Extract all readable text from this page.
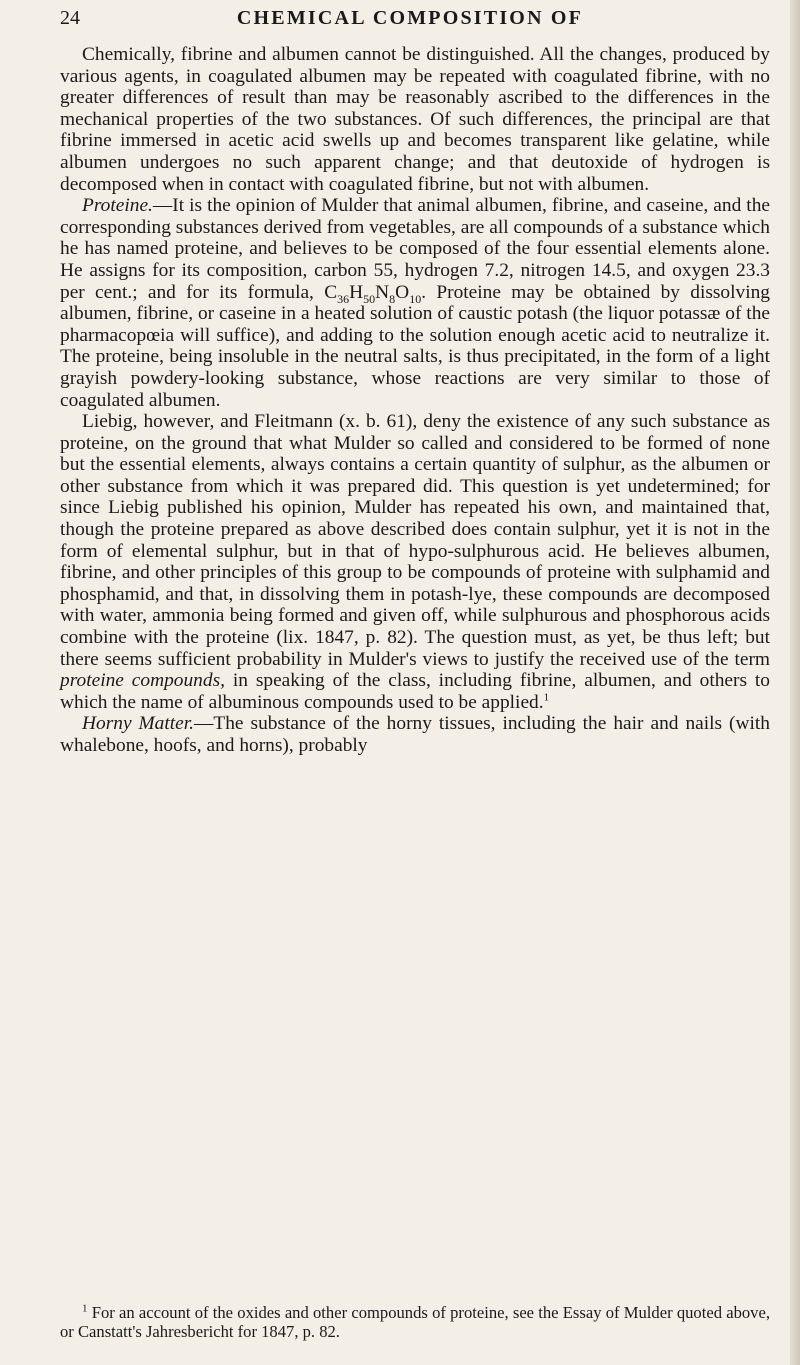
24	CHEMICAL COMPOSITION OF

Chemically, fibrine and albumen cannot be distinguished. All the changes, produced by various agents, in coagulated albumen may be repeated with coagulated fibrine, with no greater differences of result than may be reasonably ascribed to the differences in the mechanical properties of the two substances. Of such differences, the principal are that fibrine immersed in acetic acid swells up and becomes transparent like gelatine, while albumen undergoes no such apparent change; and that deutoxide of hydrogen is decomposed when in contact with coagulated fibrine, but not with albumen.

Proteine.—It is the opinion of Mulder that animal albumen, fibrine, and caseine, and the corresponding substances derived from vegetables, are all compounds of a substance which he has named proteine, and believes to be composed of the four essential elements alone. He assigns for its composition, carbon 55, hydrogen 7.2, nitrogen 14.5, and oxygen 23.3 per cent.; and for its formula, $C_{36}H_{50}N_8O_{10}$. Proteine may be obtained by dissolving albumen, fibrine, or caseine in a heated solution of caustic potash (the liquor potassæ of the pharmacopœia will suffice), and adding to the solution enough acetic acid to neutralize it. The proteine, being insoluble in the neutral salts, is thus precipitated, in the form of a light grayish powdery-looking substance, whose reactions are very similar to those of coagulated albumen.

Liebig, however, and Fleitmann (x. b. 61), deny the existence of any such substance as proteine, on the ground that what Mulder so called and considered to be formed of none but the essential elements, always contains a certain quantity of sulphur, as the albumen or other substance from which it was prepared did. This question is yet undetermined; for since Liebig published his opinion, Mulder has repeated his own, and maintained that, though the proteine prepared as above described does contain sulphur, yet it is not in the form of elemental sulphur, but in that of hypo-sulphurous acid. He believes albumen, fibrine, and other principles of this group to be compounds of proteine with sulphamid and phosphamid, and that, in dissolving them in potash-lye, these compounds are decomposed with water, ammonia being formed and given off, while sulphurous and phosphorous acids combine with the proteine (lix. 1847, p. 82). The question must, as yet, be thus left; but there seems sufficient probability in Mulder's views to justify the received use of the term proteine compounds, in speaking of the class, including fibrine, albumen, and others to which the name of albuminous compounds used to be applied.$^1$

Horny Matter.—The substance of the horny tissues, including the hair and nails (with whalebone, hoofs, and horns), probably

$^1$ For an account of the oxides and other compounds of proteine, see the Essay of Mulder quoted above, or Canstatt's Jahresbericht for 1847, p. 82.
